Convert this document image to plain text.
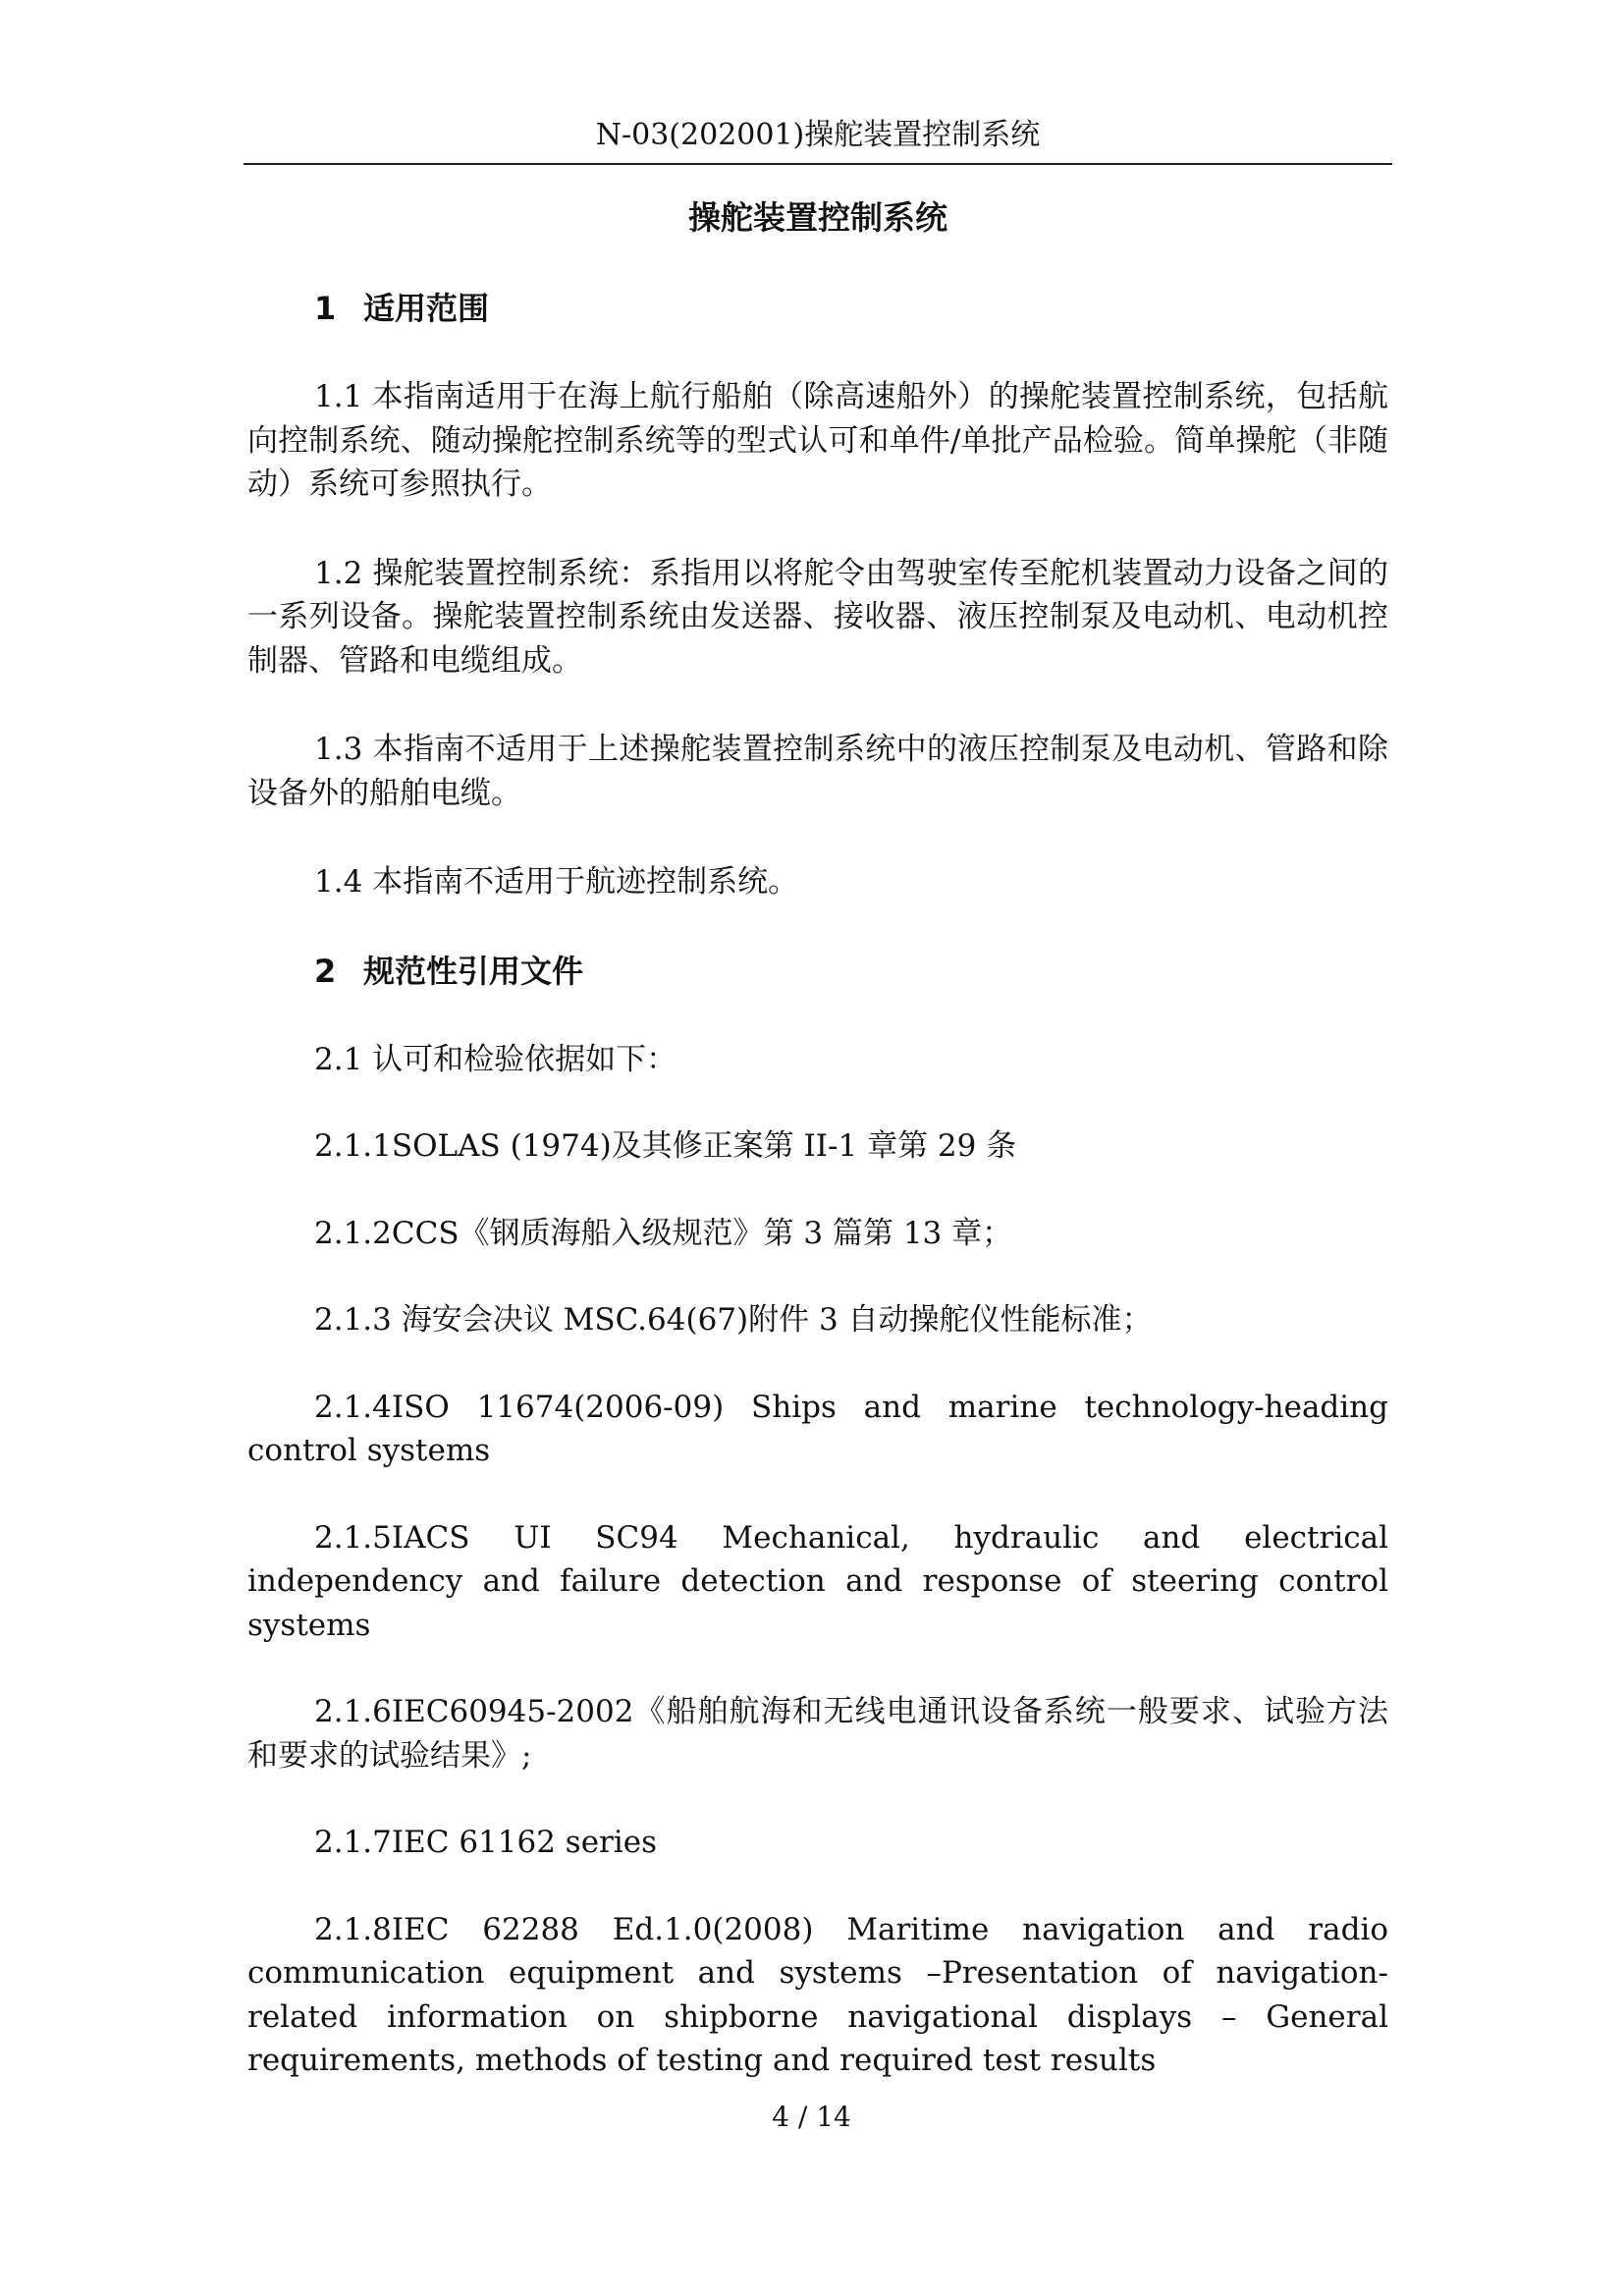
N-03(202001)操舵装置控制系统
操舵装置控制系统
1 适用范围

1.1 本指南适用于在海上航行船舶（除高速船外）的操舵装置控制系统，包括航向控制系统、随动操舵控制系统等的型式认可和单件/单批产品检验。简单操舵（非随动）系统可参照执行。

1.2 操舵装置控制系统：系指用以将舵令由驾驶室传至舵机装置动力设备之间的一系列设备。操舵装置控制系统由发送器、接收器、液压控制泵及电动机、电动机控制器、管路和电缆组成。

1.3 本指南不适用于上述操舵装置控制系统中的液压控制泵及电动机、管路和除设备外的船舶电缆。

1.4 本指南不适用于航迹控制系统。

2 规范性引用文件

2.1 认可和检验依据如下：

2.1.1SOLAS (1974)及其修正案第 II-1 章第 29 条

2.1.2CCS《钢质海船入级规范》第 3 篇第 13 章；

2.1.3 海安会决议 MSC.64(67)附件 3 自动操舵仪性能标准；

2.1.4ISO 11674(2006-09) Ships and marine technology-heading control systems

2.1.5IACS UI SC94 Mechanical, hydraulic and electrical independency and failure detection and response of steering control systems

2.1.6IEC60945-2002《船舶航海和无线电通讯设备系统一般要求、试验方法和要求的试验结果》;

2.1.7IEC 61162 series

2.1.8IEC 62288 Ed.1.0(2008) Maritime navigation and radio communication equipment and systems –Presentation of navigation-related information on shipborne navigational displays – General requirements, methods of testing and required test results

4 / 14
